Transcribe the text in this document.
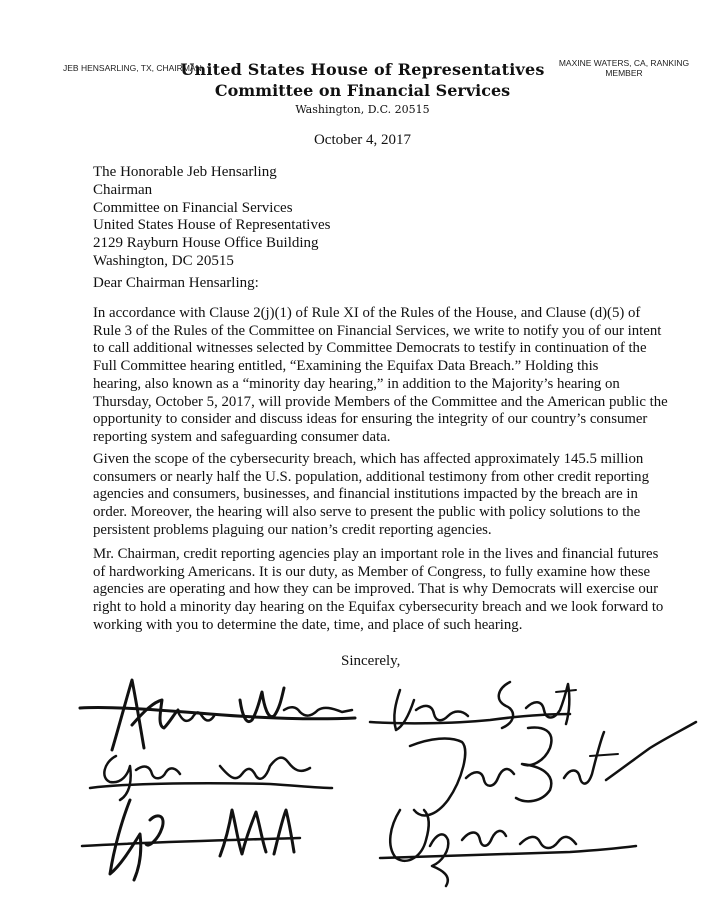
JEB HENSARLING, TX, CHAIRMAN	MAXINE WATERS, CA, RANKING
MEMBER
United States House of Representatives
Committee on Financial Services
Washington, D.C. 20515
October 4, 2017
The Honorable Jeb Hensarling
Chairman
Committee on Financial Services
United States House of Representatives
2129 Rayburn House Office Building
Washington, DC 20515
Dear Chairman Hensarling:
In accordance with Clause 2(j)(1) of Rule XI of the Rules of the House, and Clause (d)(5) of
Rule 3 of the Rules of the Committee on Financial Services, we write to notify you of our intent
to call additional witnesses selected by Committee Democrats to testify in continuation of the
Full Committee hearing entitled, “Examining the Equifax Data Breach.” Holding this
hearing, also known as a “minority day hearing,” in addition to the Majority’s hearing on
Thursday, October 5, 2017, will provide Members of the Committee and the American public the
opportunity to consider and discuss ideas for ensuring the integrity of our country’s consumer
reporting system and safeguarding consumer data.
Given the scope of the cybersecurity breach, which has affected approximately 145.5 million
consumers or nearly half the U.S. population, additional testimony from other credit reporting
agencies and consumers, businesses, and financial institutions impacted by the breach are in
order. Moreover, the hearing will also serve to present the public with policy solutions to the
persistent problems plaguing our nation’s credit reporting agencies.
Mr. Chairman, credit reporting agencies play an important role in the lives and financial futures
of hardworking Americans. It is our duty, as Member of Congress, to fully examine how these
agencies are operating and how they can be improved. That is why Democrats will exercise our
right to hold a minority day hearing on the Equifax cybersecurity breach and we look forward to
working with you to determine the date, time, and place of such hearing.
Sincerely,
